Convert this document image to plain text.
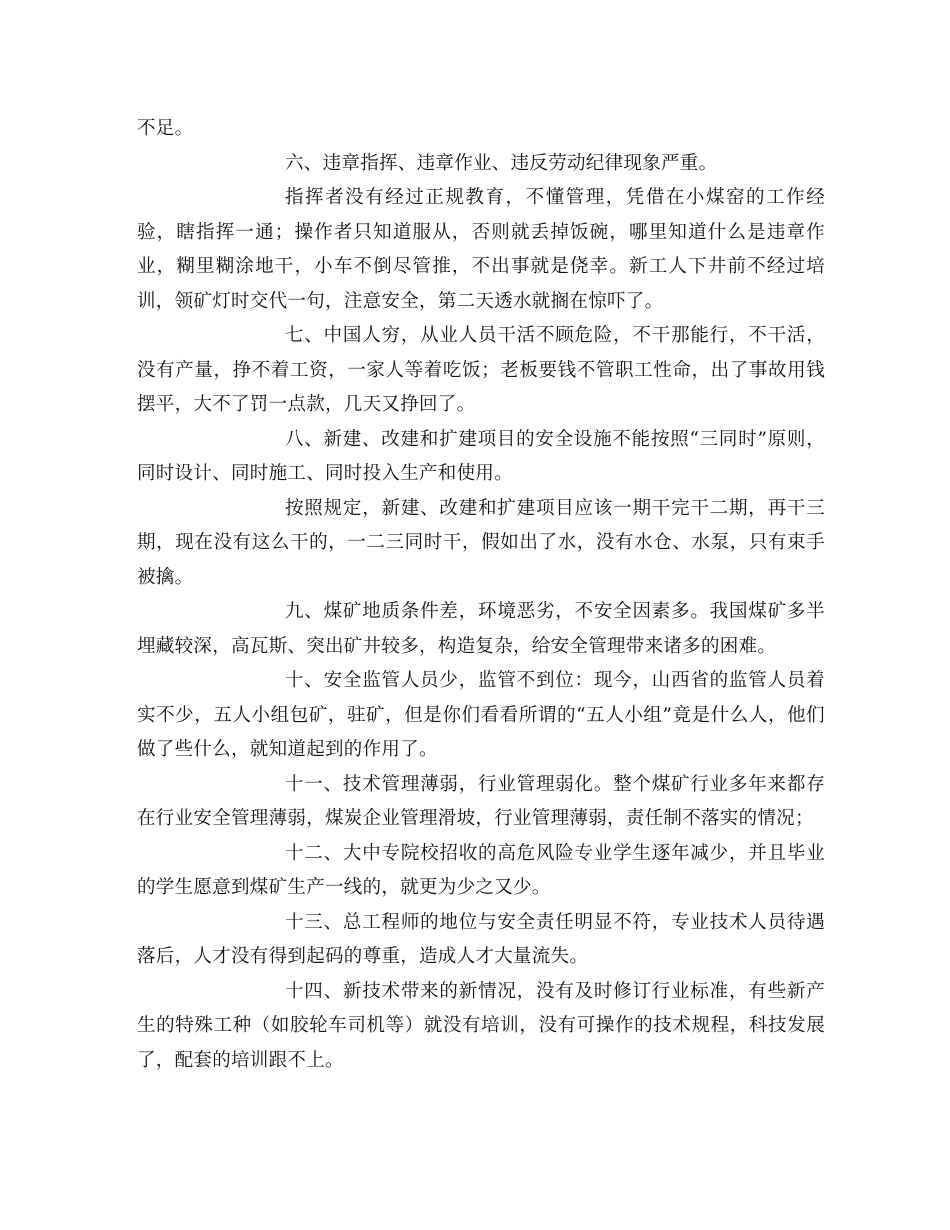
不足。

六、违章指挥、违章作业、违反劳动纪律现象严重。

指挥者没有经过正规教育，不懂管理，凭借在小煤窑的工作经验，瞎指挥一通；操作者只知道服从，否则就丢掉饭碗，哪里知道什么是违章作业，糊里糊涂地干，小车不倒尽管推，不出事就是侥幸。新工人下井前不经过培训，领矿灯时交代一句，注意安全，第二天透水就搁在惊吓了。

七、中国人穷，从业人员干活不顾危险，不干那能行，不干活，没有产量，挣不着工资，一家人等着吃饭；老板要钱不管职工性命，出了事故用钱摆平，大不了罚一点款，几天又挣回了。

八、新建、改建和扩建项目的安全设施不能按照“三同时”原则，同时设计、同时施工、同时投入生产和使用。

按照规定，新建、改建和扩建项目应该一期干完干二期，再干三期，现在没有这么干的，一二三同时干，假如出了水，没有水仓、水泵，只有束手被擒。

九、煤矿地质条件差，环境恶劣，不安全因素多。我国煤矿多半埋藏较深，高瓦斯、突出矿井较多，构造复杂，给安全管理带来诸多的困难。

十、安全监管人员少，监管不到位：现今，山西省的监管人员着实不少，五人小组包矿，驻矿，但是你们看看所谓的“五人小组”竟是什么人，他们做了些什么，就知道起到的作用了。

十一、技术管理薄弱，行业管理弱化。整个煤矿行业多年来都存在行业安全管理薄弱，煤炭企业管理滑坡，行业管理薄弱，责任制不落实的情况；

十二、大中专院校招收的高危风险专业学生逐年减少，并且毕业的学生愿意到煤矿生产一线的，就更为少之又少。

十三、总工程师的地位与安全责任明显不符，专业技术人员待遇落后，人才没有得到起码的尊重，造成人才大量流失。

十四、新技术带来的新情况，没有及时修订行业标准，有些新产生的特殊工种（如胶轮车司机等）就没有培训，没有可操作的技术规程，科技发展了，配套的培训跟不上。
